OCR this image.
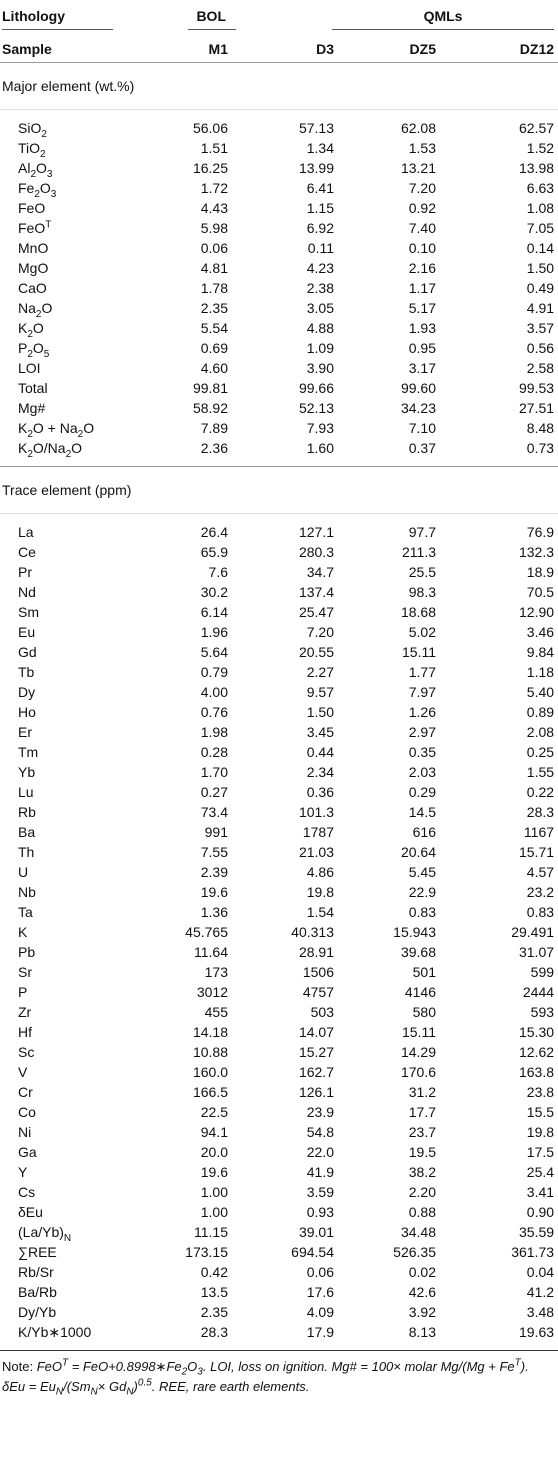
Lithology	BOL	QMLs		

Sample	M1	D3	DZ5	DZ12
Major element (wt.%)				
SiO$_2$	56.06	57.13	62.08	62.57
TiO$_2$	1.51	1.34	1.53	1.52
$Al_2O_3$	16.25	13.99	13.21	13.98
$Fe_2O_3$	1.72	6.41	7.20	6.63
FeO	4.43	1.15	0.92	1.08
FeO$^T$	5.98	6.92	7.40	7.05
MnO	0.06	0.11	0.10	0.14
MgO	4.81	4.23	2.16	1.50
CaO	1.78	2.38	1.17	0.49
$Na_2O$	2.35	3.05	5.17	4.91
$K_2O$	5.54	4.88	1.93	3.57
$P_2O_5$	0.69	1.09	0.95	0.56
LOI	4.60	3.90	3.17	2.58
Total	99.81	99.66	99.60	99.53
Mg#	58.92	52.13	34.23	27.51
$K_2O + Na_2O$	7.89	7.93	7.10	8.48
$K_2O/Na_2O$	2.36	1.60	0.37	0.73
Trace element (ppm)				
La	26.4	127.1	97.7	76.9
Ce	65.9	280.3	211.3	132.3
Pr	7.6	34.7	25.5	18.9
Nd	30.2	137.4	98.3	70.5
Sm	6.14	25.47	18.68	12.90
Eu	1.96	7.20	5.02	3.46
Gd	5.64	20.55	15.11	9.84
Tb	0.79	2.27	1.77	1.18
Dy	4.00	9.57	7.97	5.40
Ho	0.76	1.50	1.26	0.89
Er	1.98	3.45	2.97	2.08
Tm	0.28	0.44	0.35	0.25
Yb	1.70	2.34	2.03	1.55
Lu	0.27	0.36	0.29	0.22
Rb	73.4	101.3	14.5	28.3
Ba	991	1787	616	1167
Th	7.55	21.03	20.64	15.71
U	2.39	4.86	5.45	4.57
Nb	19.6	19.8	22.9	23.2
Ta	1.36	1.54	0.83	0.83
K	45.765	40.313	15.943	29.491
Pb	11.64	28.91	39.68	31.07
Sr	173	1506	501	599
P	3012	4757	4146	2444
Zr	455	503	580	593
Hf	14.18	14.07	15.11	15.30
Sc	10.88	15.27	14.29	12.62
V	160.0	162.7	170.6	163.8
Cr	166.5	126.1	31.2	23.8
Co	22.5	23.9	17.7	15.5
Ni	94.1	54.8	23.7	19.8
Ga	20.0	22.0	19.5	17.5
Y	19.6	41.9	38.2	25.4
Cs	1.00	3.59	2.20	3.41
δEu	1.00	0.93	0.88	0.90
$(La/Yb)_N$	11.15	39.01	34.48	35.59
∑REE	173.15	694.54	526.35	361.73
Rb/Sr	0.42	0.06	0.02	0.04
Ba/Rb	13.5	17.6	42.6	41.2
Dy/Yb	2.35	4.09	3.92	3.48
K/Yb∗1000	28.3	17.9	8.13	19.63
Note: $FeO^T = FeO+0.8998∗Fe_2O_3$. LOI, loss on ignition. Mg# = 100× molar $Mg/(Mg + Fe^T)$. $\delta Eu = Eu_N/(Sm_N\times Gd_N)^{0.5}$. REE, rare earth elements.
